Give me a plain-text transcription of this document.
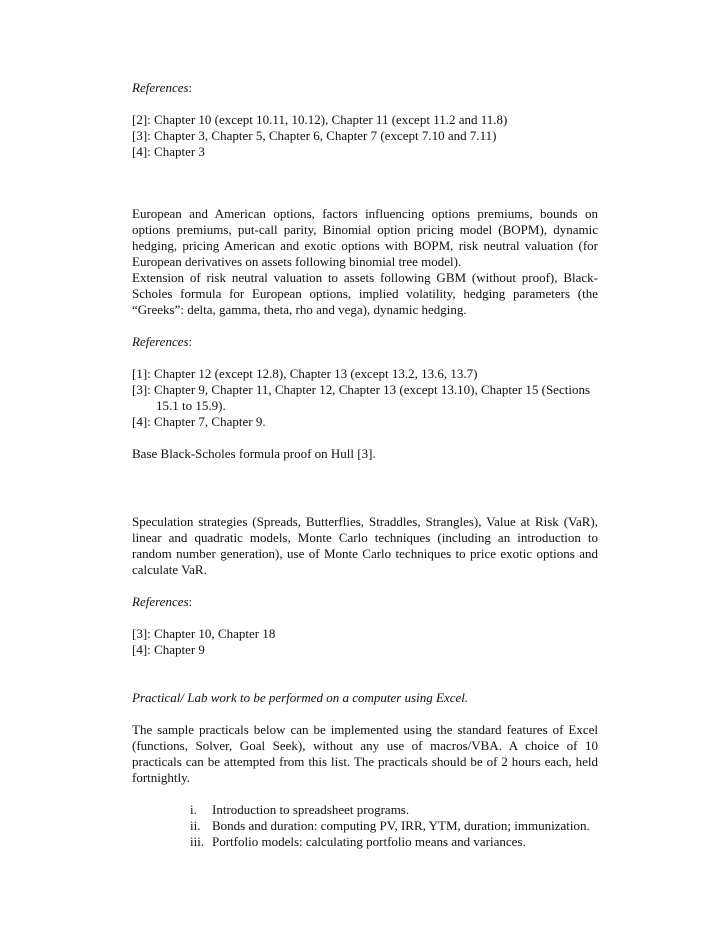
References:

[2]: Chapter 10 (except 10.11, 10.12), Chapter 11 (except 11.2 and 11.8)
[3]: Chapter 3, Chapter 5, Chapter 6, Chapter 7 (except 7.10 and 7.11)
[4]: Chapter 3

European and American options, factors influencing options premiums, bounds on options premiums, put-call parity, Binomial option pricing model (BOPM), dynamic hedging, pricing American and exotic options with BOPM, risk neutral valuation (for European derivatives on assets following binomial tree model).

Extension of risk neutral valuation to assets following GBM (without proof), Black-Scholes formula for European options, implied volatility, hedging parameters (the “Greeks”: delta, gamma, theta, rho and vega), dynamic hedging.

References:

[1]: Chapter 12 (except 12.8), Chapter 13 (except 13.2, 13.6, 13.7)
[3]: Chapter 9, Chapter 11, Chapter 12, Chapter 13 (except 13.10), Chapter 15 (Sections
15.1 to 15.9).
[4]: Chapter 7, Chapter 9.

Base Black-Scholes formula proof on Hull [3].

Speculation strategies (Spreads, Butterflies, Straddles, Strangles), Value at Risk (VaR), linear and quadratic models, Monte Carlo techniques (including an introduction to random number generation), use of Monte Carlo techniques to price exotic options and calculate VaR.

References:

[3]: Chapter 10, Chapter 18
[4]: Chapter 9

Practical/ Lab work to be performed on a computer using Excel.

The sample practicals below can be implemented using the standard features of Excel (functions, Solver, Goal Seek), without any use of macros/VBA. A choice of 10 practicals can be attempted from this list. The practicals should be of 2 hours each, held fortnightly.

i.	Introduction to spreadsheet programs.
ii. Bonds and duration: computing PV, IRR, YTM, duration; immunization.
iii. Portfolio models: calculating portfolio means and variances.
